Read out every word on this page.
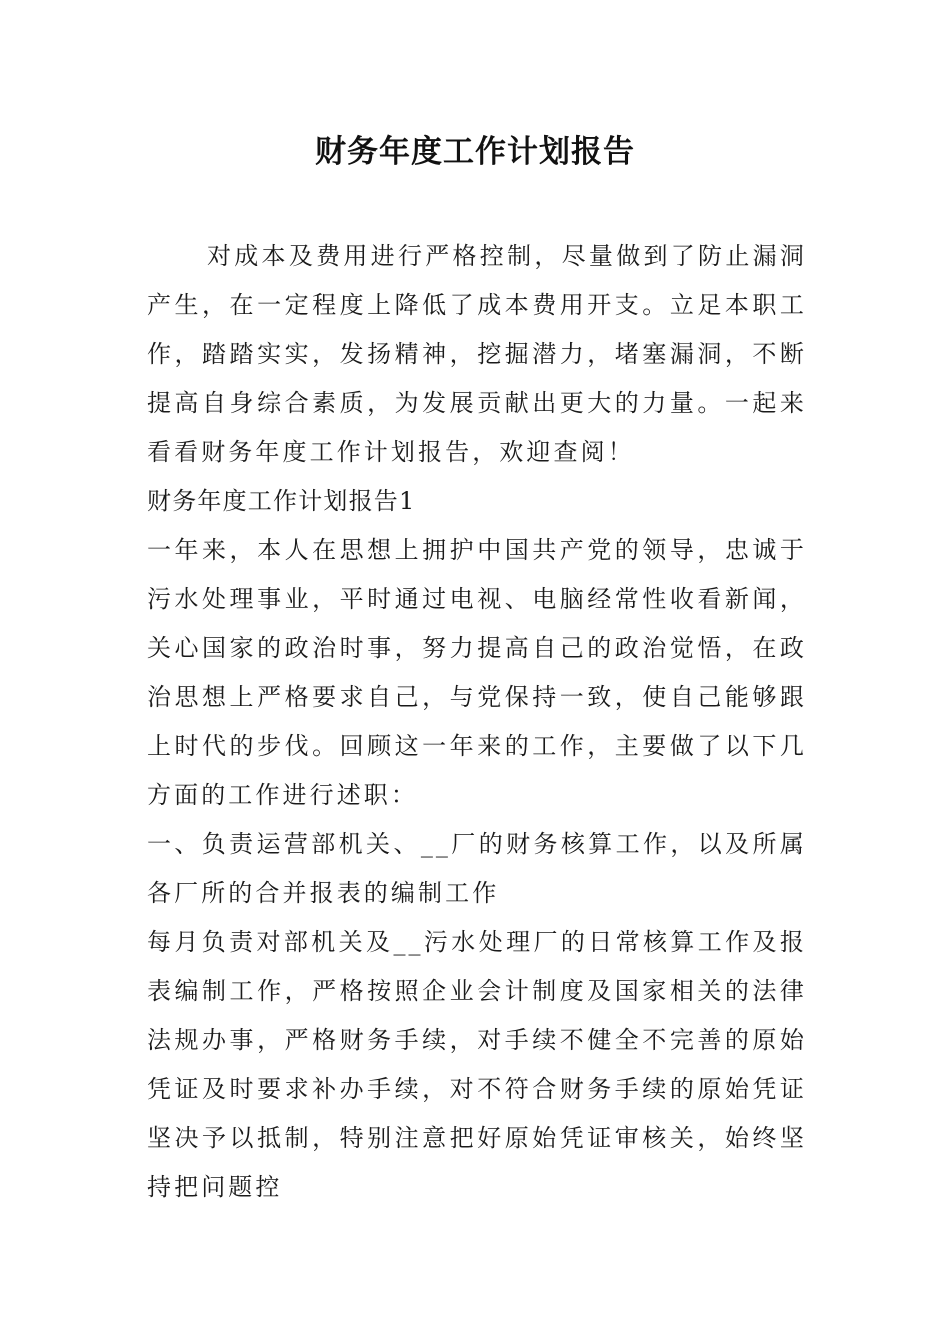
财务年度工作计划报告

对成本及费用进行严格控制，尽量做到了防止漏洞产生，在一定程度上降低了成本费用开支。立足本职工作，踏踏实实，发扬精神，挖掘潜力，堵塞漏洞，不断提高自身综合素质，为发展贡献出更大的力量。一起来看看财务年度工作计划报告，欢迎查阅！

财务年度工作计划报告1

一年来，本人在思想上拥护中国共产党的领导，忠诚于污水处理事业，平时通过电视、电脑经常性收看新闻，关心国家的政治时事，努力提高自己的政治觉悟，在政治思想上严格要求自己，与党保持一致，使自己能够跟上时代的步伐。回顾这一年来的工作，主要做了以下几方面的工作进行述职：

一、负责运营部机关、__厂的财务核算工作，以及所属各厂所的合并报表的编制工作

每月负责对部机关及__污水处理厂的日常核算工作及报表编制工作，严格按照企业会计制度及国家相关的法律法规办事，严格财务手续，对手续不健全不完善的原始凭证及时要求补办手续，对不符合财务手续的原始凭证坚决予以抵制，特别注意把好原始凭证审核关，始终坚持把问题控
